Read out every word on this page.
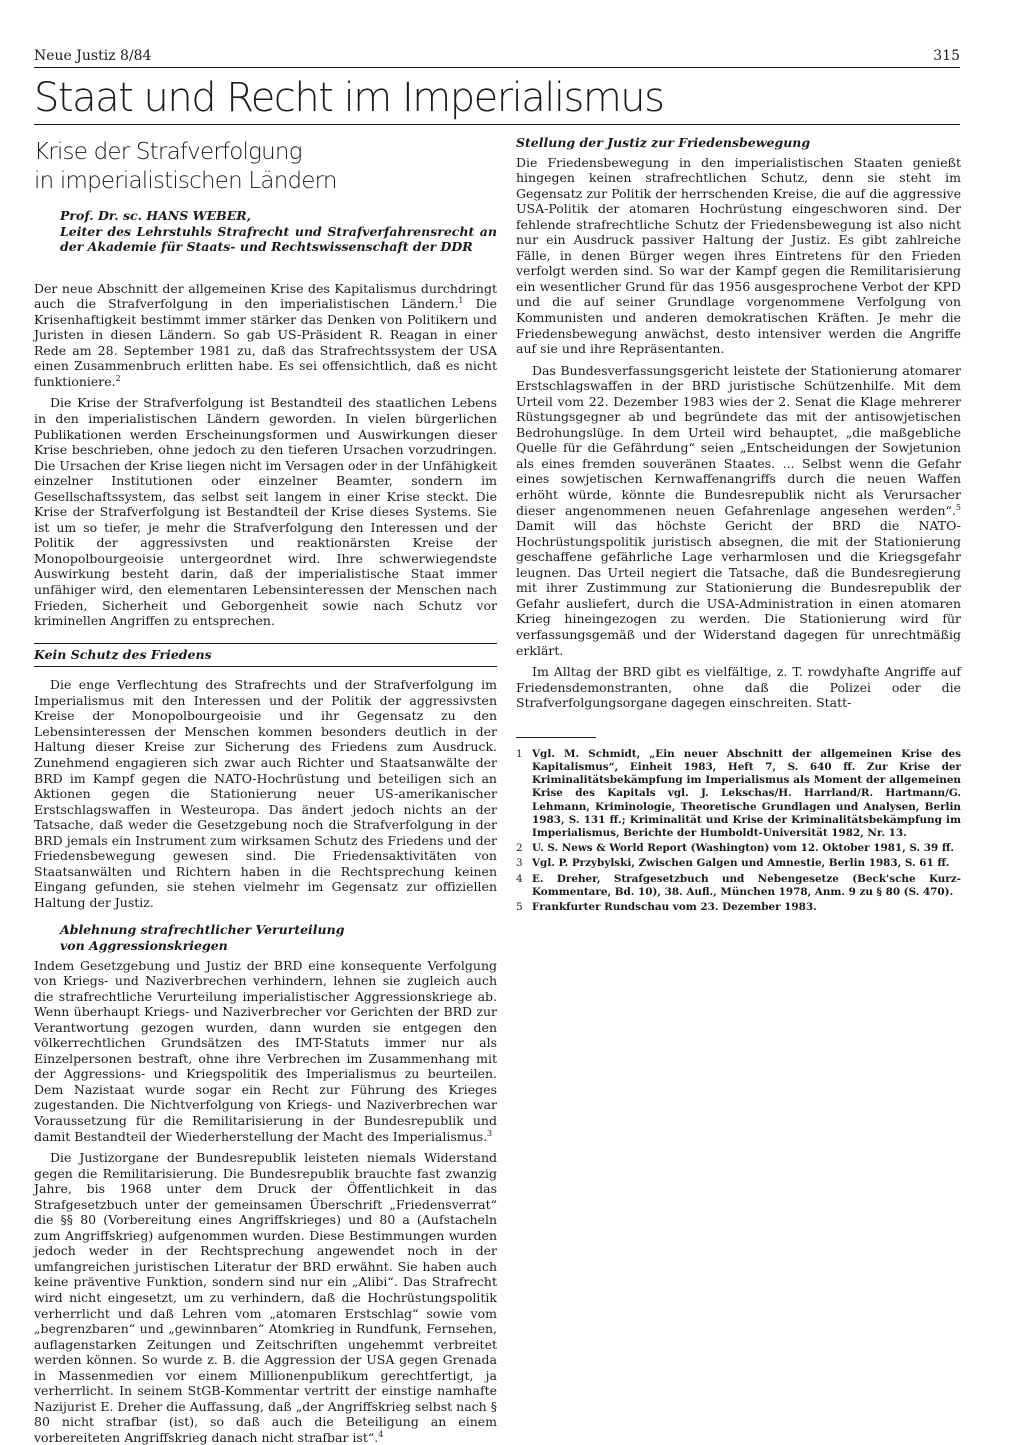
Neue Justiz 8/84	315
Staat und Recht im Imperialismus
Krise der Strafverfolgung
in imperialistischen Ländern
Prof. Dr. sc. HANS WEBER,
Leiter des Lehrstuhls Strafrecht und Strafverfahrensrecht an der Akademie für Staats- und Rechtswissenschaft der DDR

Der neue Abschnitt der allgemeinen Krise des Kapitalismus durchdringt auch die Strafverfolgung in den imperialistischen Ländern.$^1$ Die Krisenhaftigkeit bestimmt immer stärker das Denken von Politikern und Juristen in diesen Ländern. So gab US-Präsident R. Reagan in einer Rede am 28. September 1981 zu, daß das Strafrechtssystem der USA einen Zusammenbruch erlitten habe. Es sei offensichtlich, daß es nicht funktioniere.$^2$

Die Krise der Strafverfolgung ist Bestandteil des staatlichen Lebens in den imperialistischen Ländern geworden. In vielen bürgerlichen Publikationen werden Erscheinungsformen und Auswirkungen dieser Krise beschrieben, ohne jedoch zu den tieferen Ursachen vorzudringen. Die Ursachen der Krise liegen nicht im Versagen oder in der Unfähigkeit einzelner Institutionen oder einzelner Beamter, sondern im Gesellschaftssystem, das selbst seit langem in einer Krise steckt. Die Krise der Strafverfolgung ist Bestandteil der Krise dieses Systems. Sie ist um so tiefer, je mehr die Strafverfolgung den Interessen und der Politik der aggressivsten und reaktionärsten Kreise der Monopolbourgeoisie untergeordnet wird. Ihre schwerwiegendste Auswirkung besteht darin, daß der imperialistische Staat immer unfähiger wird, den elementaren Lebensinteressen der Menschen nach Frieden, Sicherheit und Geborgenheit sowie nach Schutz vor kriminellen Angriffen zu entsprechen.

Kein Schutz des Friedens

Die enge Verflechtung des Strafrechts und der Strafverfolgung im Imperialismus mit den Interessen und der Politik der aggressivsten Kreise der Monopolbourgeoisie und ihr Gegensatz zu den Lebensinteressen der Menschen kommen besonders deutlich in der Haltung dieser Kreise zur Sicherung des Friedens zum Ausdruck. Zunehmend engagieren sich zwar auch Richter und Staatsanwälte der BRD im Kampf gegen die NATO-Hochrüstung und beteiligen sich an Aktionen gegen die Stationierung neuer US-amerikanischer Erstschlagswaffen in Westeuropa. Das ändert jedoch nichts an der Tatsache, daß weder die Gesetzgebung noch die Strafverfolgung in der BRD jemals ein Instrument zum wirksamen Schutz des Friedens und der Friedensbewegung gewesen sind. Die Friedensaktivitäten von Staatsanwälten und Richtern haben in die Rechtsprechung keinen Eingang gefunden, sie stehen vielmehr im Gegensatz zur offiziellen Haltung der Justiz.

Ablehnung strafrechtlicher Verurteilung
von Aggressionskriegen

Indem Gesetzgebung und Justiz der BRD eine konsequente Verfolgung von Kriegs- und Naziverbrechen verhindern, lehnen sie zugleich auch die strafrechtliche Verurteilung imperialistischer Aggressionskriege ab. Wenn überhaupt Kriegs- und Naziverbrecher vor Gerichten der BRD zur Verantwortung gezogen wurden, dann wurden sie entgegen den völkerrechtlichen Grundsätzen des IMT-Statuts immer nur als Einzelpersonen bestraft, ohne ihre Verbrechen im Zusammenhang mit der Aggressions- und Kriegspolitik des Imperialismus zu beurteilen. Dem Nazistaat wurde sogar ein Recht zur Führung des Krieges zugestanden. Die Nichtverfolgung von Kriegs- und Naziverbrechen war Voraussetzung für die Remilitarisierung in der Bundesrepublik und damit Bestandteil der Wiederherstellung der Macht des Imperialismus.$^3$

Die Justizorgane der Bundesrepublik leisteten niemals Widerstand gegen die Remilitarisierung. Die Bundesrepublik brauchte fast zwanzig Jahre, bis 1968 unter dem Druck der Öffentlichkeit in das Strafgesetzbuch unter der gemeinsamen Überschrift „Friedensverrat“ die §§ 80 (Vorbereitung eines Angriffskrieges) und 80 a (Aufstacheln zum Angriffskrieg) aufgenommen wurden. Diese Bestimmungen wurden jedoch weder in der Rechtsprechung angewendet noch in der umfangreichen juristischen Literatur der BRD erwähnt. Sie haben auch keine präventive Funktion, sondern sind nur ein „Alibi“. Das Strafrecht wird nicht eingesetzt, um zu verhindern, daß die Hochrüstungspolitik verherrlicht und daß Lehren vom „atomaren Erstschlag“ sowie vom „begrenzbaren“ und „gewinnbaren“ Atomkrieg in Rundfunk, Fernsehen, auflagenstarken Zeitungen und Zeitschriften ungehemmt verbreitet werden können. So wurde z. B. die Aggression der USA gegen Grenada in Massenmedien vor einem Millionenpublikum gerechtfertigt, ja verherrlicht. In seinem StGB-Kommentar vertritt der einstige namhafte Nazijurist E. Dreher die Auffassung, daß „der Angriffskrieg selbst nach § 80 nicht strafbar (ist), so daß auch die Beteiligung an einem vorbereiteten Angriffskrieg danach nicht strafbar ist“.$^4$

Stellung der Justiz zur Friedensbewegung

Die Friedensbewegung in den imperialistischen Staaten genießt hingegen keinen strafrechtlichen Schutz, denn sie steht im Gegensatz zur Politik der herrschenden Kreise, die auf die aggressive USA-Politik der atomaren Hochrüstung eingeschworen sind. Der fehlende strafrechtliche Schutz der Friedensbewegung ist also nicht nur ein Ausdruck passiver Haltung der Justiz. Es gibt zahlreiche Fälle, in denen Bürger wegen ihres Eintretens für den Frieden verfolgt werden sind. So war der Kampf gegen die Remilitarisierung ein wesentlicher Grund für das 1956 ausgesprochene Verbot der KPD und die auf seiner Grundlage vorgenommene Verfolgung von Kommunisten und anderen demokratischen Kräften. Je mehr die Friedensbewegung anwächst, desto intensiver werden die Angriffe auf sie und ihre Repräsentanten.

Das Bundesverfassungsgericht leistete der Stationierung atomarer Erstschlagswaffen in der BRD juristische Schützenhilfe. Mit dem Urteil vom 22. Dezember 1983 wies der 2. Senat die Klage mehrerer Rüstungsgegner ab und begründete das mit der antisowjetischen Bedrohungslüge. In dem Urteil wird behauptet, „die maßgebliche Quelle für die Gefährdung“ seien „Entscheidungen der Sowjetunion als eines fremden souveränen Staates. ... Selbst wenn die Gefahr eines sowjetischen Kernwaffenangriffs durch die neuen Waffen erhöht würde, könnte die Bundesrepublik nicht als Verursacher dieser angenommenen neuen Gefahrenlage angesehen werden“.$^5$ Damit will das höchste Gericht der BRD die NATO-Hochrüstungspolitik juristisch absegnen, die mit der Stationierung geschaffene gefährliche Lage verharmlosen und die Kriegsgefahr leugnen. Das Urteil negiert die Tatsache, daß die Bundesregierung mit ihrer Zustimmung zur Stationierung die Bundesrepublik der Gefahr ausliefert, durch die USA-Administration in einen atomaren Krieg hineingezogen zu werden. Die Stationierung wird für verfassungsgemäß und der Widerstand dagegen für unrechtmäßig erklärt.

Im Alltag der BRD gibt es vielfältige, z. T. rowdyhafte Angriffe auf Friedensdemonstranten, ohne daß die Polizei oder die Strafverfolgungsorgane dagegen einschreiten. Statt-

1 Vgl. M. Schmidt, „Ein neuer Abschnitt der allgemeinen Krise des Kapitalismus“, Einheit 1983, Heft 7, S. 640 ff. Zur Krise der Kriminalitätsbekämpfung im Imperialismus als Moment der allgemeinen Krise des Kapitals vgl. J. Lekschas/H. Harrland/R. Hartmann/G. Lehmann, Kriminologie, Theoretische Grundlagen und Analysen, Berlin 1983, S. 131 ff.; Kriminalität und Krise der Kriminalitätsbekämpfung im Imperialismus, Berichte der Humboldt-Universität 1982, Nr. 13.
2 U. S. News & World Report (Washington) vom 12. Oktober 1981, S. 39 ff.
3 Vgl. P. Przybylski, Zwischen Galgen und Amnestie, Berlin 1983, S. 61 ff.
4 E. Dreher, Strafgesetzbuch und Nebengesetze (Beck'sche Kurz-Kommentare, Bd. 10), 38. Aufl., München 1978, Anm. 9 zu § 80 (S. 470).
5 Frankfurter Rundschau vom 23. Dezember 1983.
